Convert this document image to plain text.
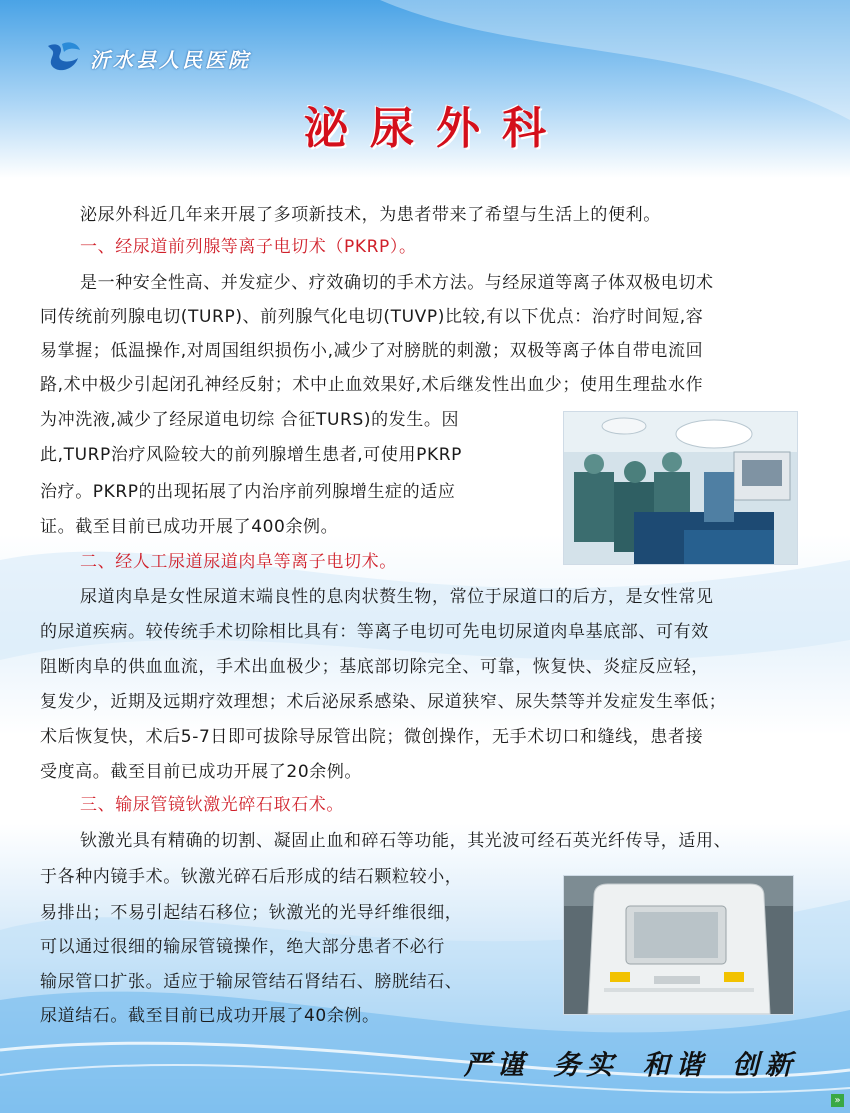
沂水县人民医院
泌尿外科

泌尿外科近几年来开展了多项新技术，为患者带来了希望与生活上的便利。

一、经尿道前列腺等离子电切术（PKRP）。

是一种安全性高、并发症少、疗效确切的手术方法。与经尿道等离子体双极电切术

同传统前列腺电切(TURP)、前列腺气化电切(TUVP)比较,有以下优点：治疗时间短,容

易掌握；低温操作,对周国组织损伤小,减少了对膀胱的刺激；双极等离子体自带电流回

路,术中极少引起闭孔神经反射；术中止血效果好,术后继发性出血少；使用生理盐水作

为冲洗液,减少了经尿道电切综 合征TURS)的发生。因

此,TURP治疗风险较大的前列腺增生患者,可使用PKRP

治疗。PKRP的出现拓展了内治序前列腺增生症的适应

证。截至目前已成功开展了400余例。

二、经人工尿道尿道肉阜等离子电切术。

尿道肉阜是女性尿道末端良性的息肉状赘生物，常位于尿道口的后方，是女性常见

的尿道疾病。较传统手术切除相比具有：等离子电切可先电切尿道肉阜基底部、可有效

阻断肉阜的供血血流，手术出血极少；基底部切除完全、可靠，恢复快、炎症反应轻，

复发少，近期及远期疗效理想；术后泌尿系感染、尿道狭窄、尿失禁等并发症发生率低；

术后恢复快，术后5-7日即可拔除导尿管出院；微创操作，无手术切口和缝线，患者接

受度高。截至目前已成功开展了20余例。

三、输尿管镜钬激光碎石取石术。

钬激光具有精确的切割、凝固止血和碎石等功能，其光波可经石英光纤传导，适用、

于各种内镜手术。钬激光碎石后形成的结石颗粒较小，

易排出；不易引起结石移位；钬激光的光导纤维很细，

可以通过很细的输尿管镜操作，绝大部分患者不必行

输尿管口扩张。适应于输尿管结石肾结石、膀胱结石、

尿道结石。截至目前已成功开展了40余例。

严谨 务实 和谐 创新
»
